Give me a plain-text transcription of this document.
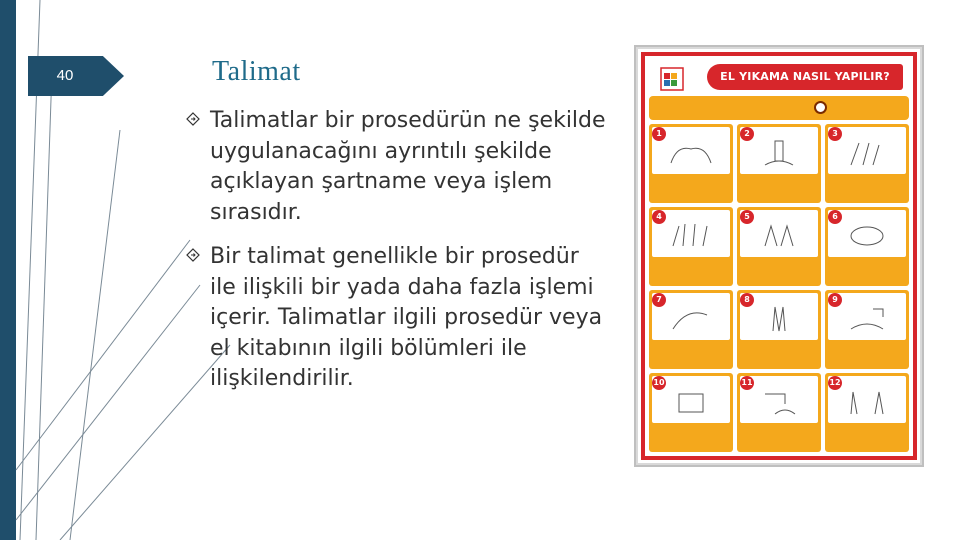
40	Talimat
Talimatlar bir prosedürün ne şekilde uygulanacağını ayrıntılı şekilde açıklayan şartname veya işlem sırasıdır.
Bir talimat genellikle bir prosedür ile ilişkili bir yada daha fazla işlemi içerir. Talimatlar ilgili prosedür veya el kitabının ilgili bölümleri ile ilişkilendirilir.
EL YIKAMA NASIL YAPILIR?
1	2	3
4	5	6
7	8	9
10	11	12
